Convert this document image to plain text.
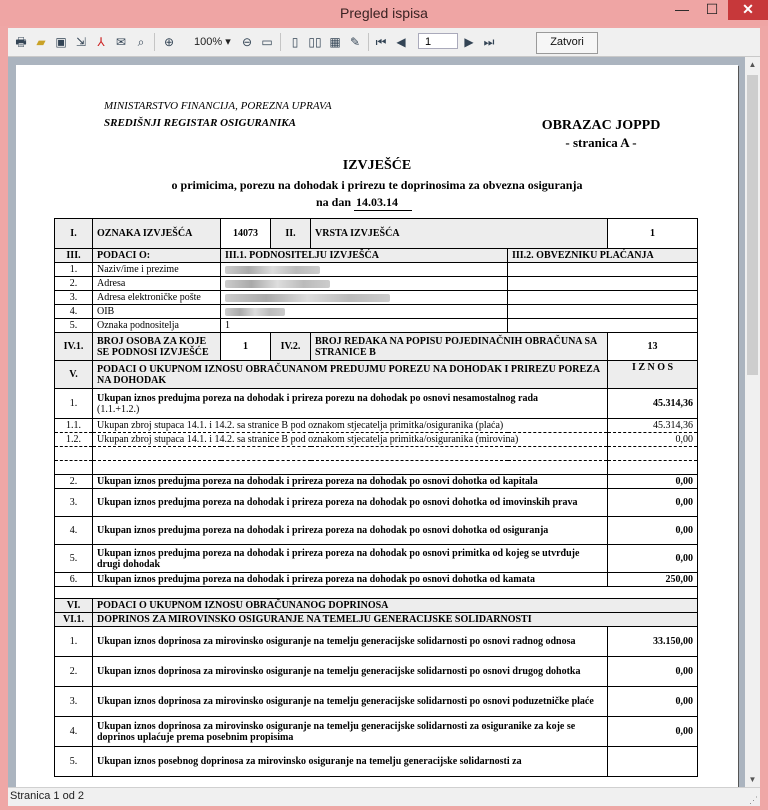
Pregled ispisa	—	☐	✕
🖶 ▰ ▣ ⇲ ⅄ ✉ ⌕	⊕	100% ▾ ⊖ ▭	▯ ▯▯ ▦ ✎	⏮ ◀	1	▶ ⏭	Zatvori
MINISTARSTVO FINANCIJA, POREZNA UPRAVA
SREDIŠNJI REGISTAR OSIGURANIKA	OBRAZAC JOPPD
- stranica A -
IZVJEŠĆE
o primicima, porezu na dohodak i prirezu te doprinosima za obvezna osiguranja
na dan 14.03.14
I.	OZNAKA IZVJEŠĆA	14073	II.	VRSTA IZVJEŠĆA		1
III.	PODACI O:	III.1. PODNOSITELJU IZVJEŠĆA			III.2. OBVEZNIKU PLAĆANJA	
1.	Naziv/ime i prezime					
2.	Adresa					
3.	Adresa elektroničke pošte					
4.	OIB					
5.	Oznaka podnositelja	1				
IV.1.	BROJ OSOBA ZA KOJE SE PODNOSI IZVJEŠĆE	1	IV.2.	BROJ REDAKA NA POPISU POJEDINAČNIH OBRAČUNA SA STRANICE B		13
V.	PODACI O UKUPNOM IZNOSU OBRAČUNANOM PREDUJMU POREZU NA DOHODAK I PRIREZU POREZA NA DOHODAK					I Z N O S
1.	Ukupan iznos predujma poreza na dohodak i prireza porezu na dohodak po osnovi nesamostalnog rada
(1.1.+1.2.)					45.314,36
1.1.	Ukupan zbroj stupaca 14.1. i 14.2. sa stranice B pod oznakom stjecatelja primitka/osiguranika (plaća)					45.314,36
1.2.	Ukupan zbroj stupaca 14.1. i 14.2. sa stranice B pod oznakom stjecatelja primitka/osiguranika (mirovina)					0,00

2.	Ukupan iznos predujma poreza na dohodak i prireza poreza na dohodak po osnovi dohotka od kapitala					0,00
3.	Ukupan iznos predujma poreza na dohodak i prireza poreza na dohodak po osnovi dohotka od imovinskih prava					0,00
4.	Ukupan iznos predujma poreza na dohodak i prireza poreza na dohodak po osnovi dohotka od osiguranja					0,00
5.	Ukupan iznos predujma poreza na dohodak i prireza poreza na dohodak po osnovi primitka od kojeg se utvrđuje drugi dohodak					0,00
6.	Ukupan iznos predujma poreza na dohodak i prireza poreza na dohodak po osnovi dohotka od kamata					250,00

VI.	PODACI O UKUPNOM IZNOSU OBRAČUNANOG DOPRINOSA					
VI.1.	DOPRINOS ZA MIROVINSKO OSIGURANJE NA TEMELJU GENERACIJSKE SOLIDARNOSTI					
1.	Ukupan iznos doprinosa za mirovinsko osiguranje na temelju generacijske solidarnosti po osnovi radnog odnosa					33.150,00
2.	Ukupan iznos doprinosa za mirovinsko osiguranje na temelju generacijske solidarnosti po osnovi drugog dohotka					0,00
3.	Ukupan iznos doprinosa za mirovinsko osiguranje na temelju generacijske solidarnosti po osnovi poduzetničke plaće					0,00
4.	Ukupan iznos doprinosa za mirovinsko osiguranje na temelju generacijske solidarnosti za osiguranike za koje se doprinos uplaćuje prema posebnim propisima					0,00
5.	Ukupan iznos posebnog doprinosa za mirovinsko osiguranje na temelju generacijske solidarnosti za					
▲
▼
Stranica 1 od 2	⋰
